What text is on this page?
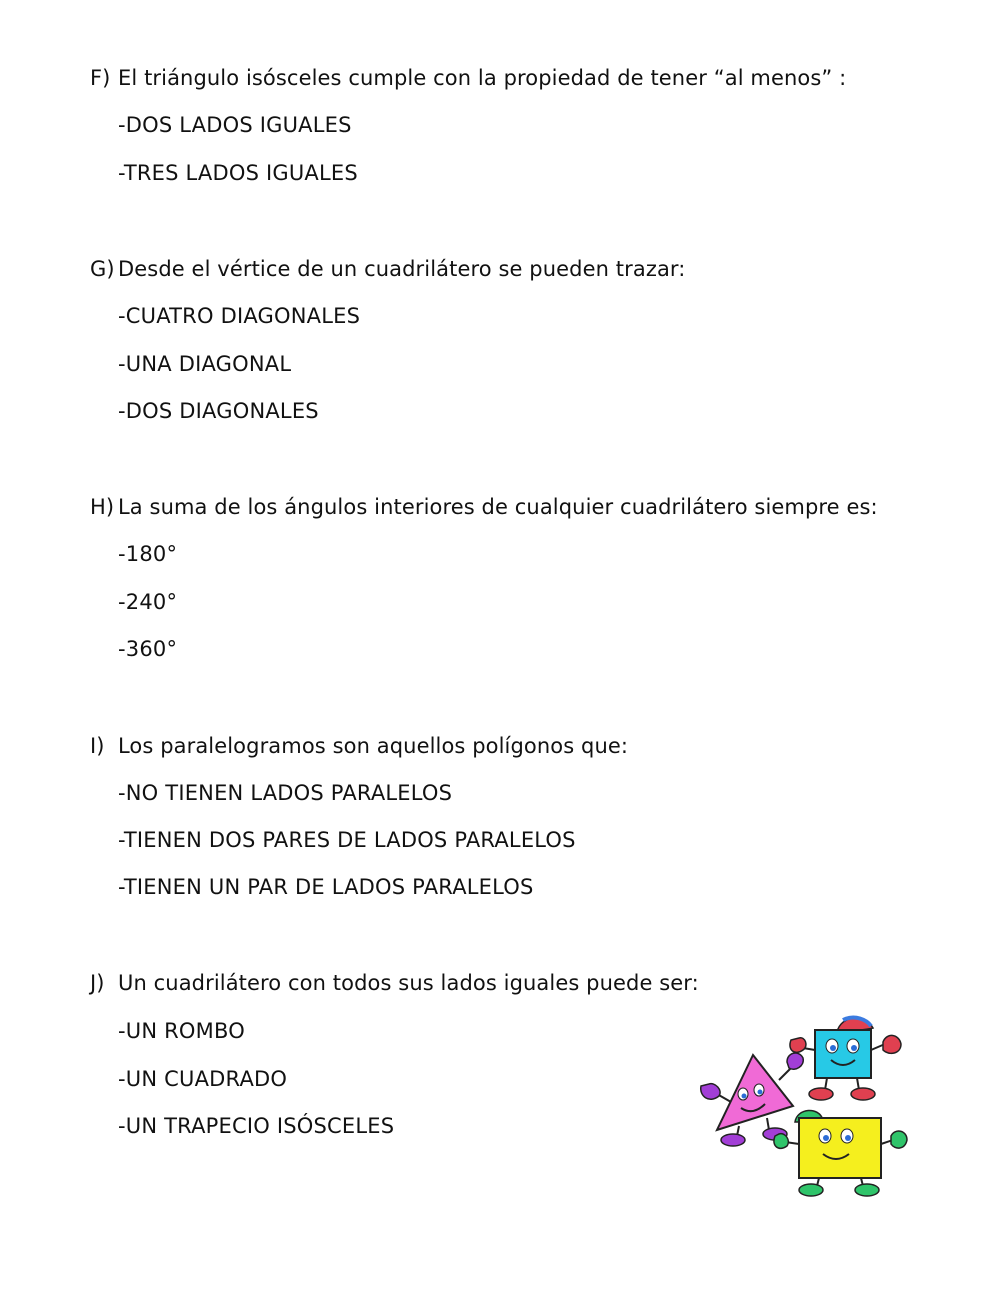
F) El triángulo isósceles cumple con la propiedad de tener “al menos” :
-DOS LADOS IGUALES
-TRES LADOS IGUALES
G) Desde el vértice de un cuadrilátero se pueden trazar:
-CUATRO DIAGONALES
-UNA DIAGONAL
-DOS DIAGONALES
H) La suma de los ángulos interiores de cualquier cuadrilátero siempre es:
-180°
-240°
-360°
I) Los paralelogramos son aquellos polígonos que:
-NO TIENEN LADOS PARALELOS
-TIENEN DOS PARES DE LADOS PARALELOS
-TIENEN UN PAR DE LADOS PARALELOS
J) Un cuadrilátero con todos sus lados iguales puede ser:
-UN ROMBO
-UN CUADRADO
-UN TRAPECIO ISÓSCELES
